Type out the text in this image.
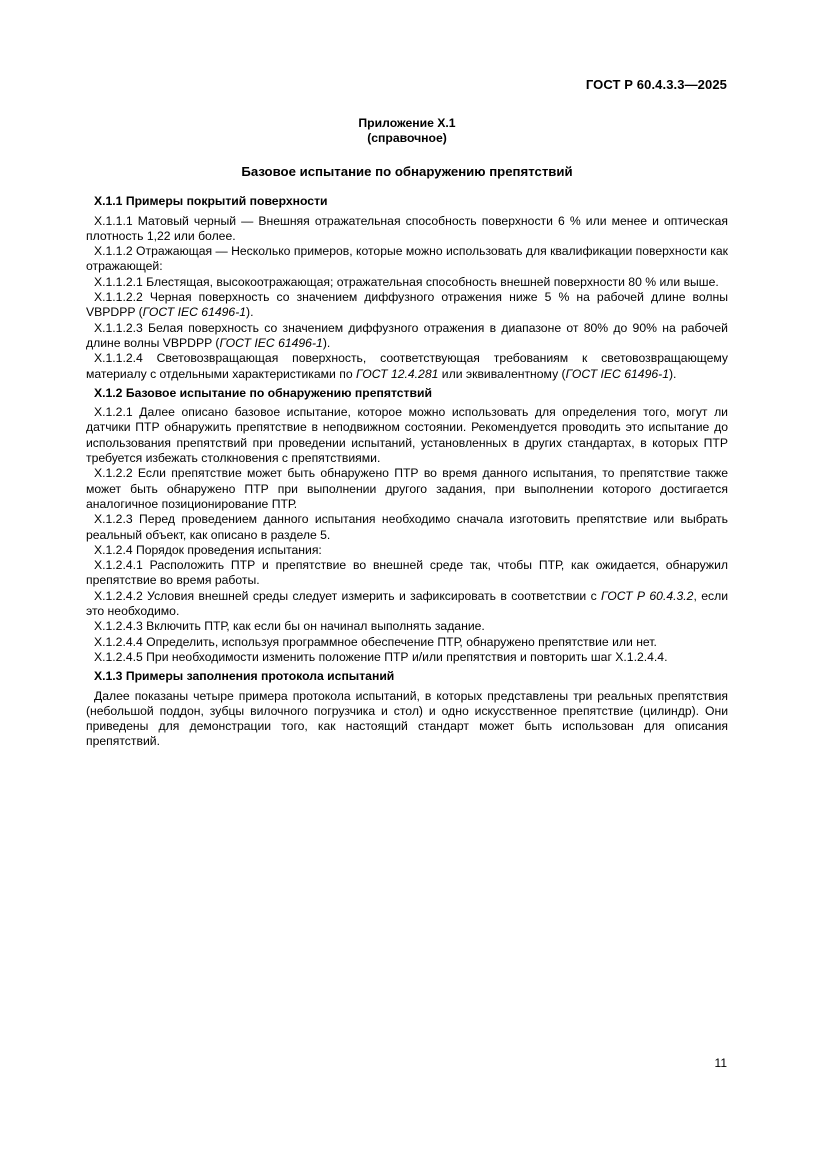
ГОСТ Р 60.4.3.3—2025
Приложение Х.1
(справочное)
Базовое испытание по обнаружению препятствий
Х.1.1 Примеры покрытий поверхности

Х.1.1.1 Матовый черный — Внешняя отражательная способность поверхности 6 % или менее и оптическая плотность 1,22 или более.

Х.1.1.2 Отражающая — Несколько примеров, которые можно использовать для квалификации поверхности как отражающей:

Х.1.1.2.1 Блестящая, высокоотражающая; отражательная способность внешней поверхности 80 % или выше.

Х.1.1.2.2 Черная поверхность со значением диффузного отражения ниже 5 % на рабочей длине волны VBPDPP (ГОСТ IEC 61496-1).

Х.1.1.2.3 Белая поверхность со значением диффузного отражения в диапазоне от 80% до 90% на рабочей длине волны VBPDPP (ГОСТ IEC 61496-1).

Х.1.1.2.4 Световозвращающая поверхность, соответствующая требованиям к световозвращающему материалу с отдельными характеристиками по ГОСТ 12.4.281 или эквивалентному (ГОСТ IEC 61496-1).

Х.1.2 Базовое испытание по обнаружению препятствий

Х.1.2.1 Далее описано базовое испытание, которое можно использовать для определения того, могут ли датчики ПТР обнаружить препятствие в неподвижном состоянии. Рекомендуется проводить это испытание до использования препятствий при проведении испытаний, установленных в других стандартах, в которых ПТР требуется избежать столкновения с препятствиями.

Х.1.2.2 Если препятствие может быть обнаружено ПТР во время данного испытания, то препятствие также может быть обнаружено ПТР при выполнении другого задания, при выполнении которого достигается аналогичное позиционирование ПТР.

Х.1.2.3 Перед проведением данного испытания необходимо сначала изготовить препятствие или выбрать реальный объект, как описано в разделе 5.

Х.1.2.4 Порядок проведения испытания:

Х.1.2.4.1 Расположить ПТР и препятствие во внешней среде так, чтобы ПТР, как ожидается, обнаружил препятствие во время работы.

Х.1.2.4.2 Условия внешней среды следует измерить и зафиксировать в соответствии с ГОСТ Р 60.4.3.2, если это необходимо.

Х.1.2.4.3 Включить ПТР, как если бы он начинал выполнять задание.

Х.1.2.4.4 Определить, используя программное обеспечение ПТР, обнаружено препятствие или нет.

Х.1.2.4.5 При необходимости изменить положение ПТР и/или препятствия и повторить шаг Х.1.2.4.4.

Х.1.3 Примеры заполнения протокола испытаний

Далее показаны четыре примера протокола испытаний, в которых представлены три реальных препятствия (небольшой поддон, зубцы вилочного погрузчика и стол) и одно искусственное препятствие (цилиндр). Они приведены для демонстрации того, как настоящий стандарт может быть использован для описания препятствий.

11
